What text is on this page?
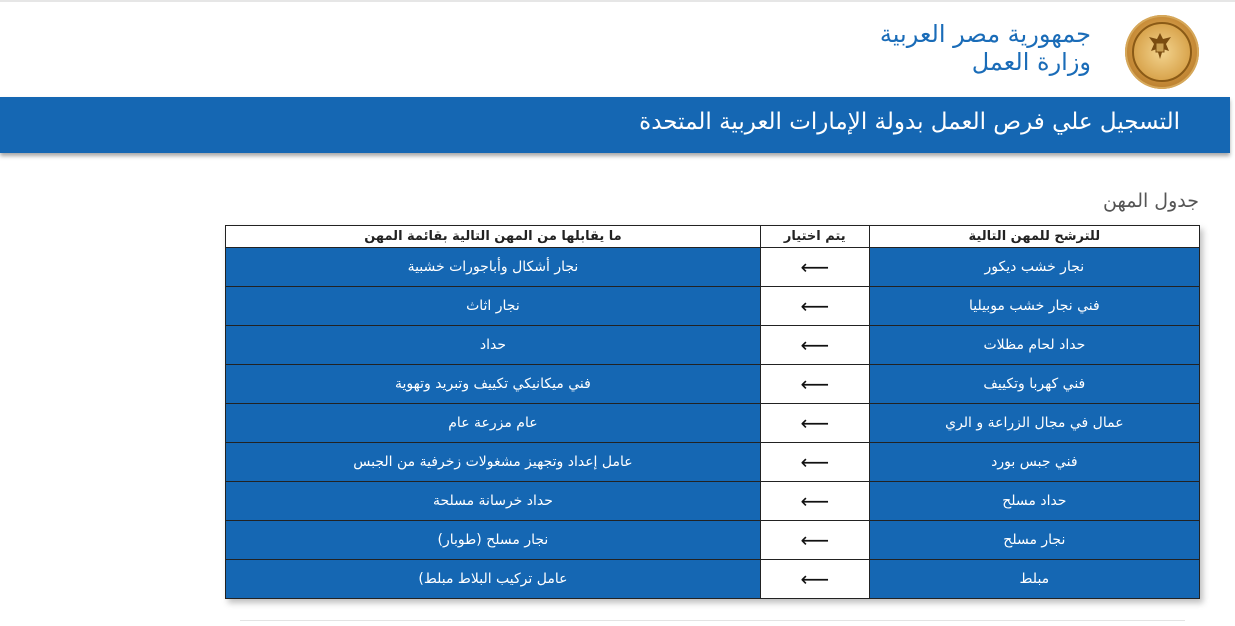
جمهورية مصر العربية
وزارة العمل
التسجيل علي فرص العمل بدولة الإمارات العربية المتحدة
جدول المهن
للترشح للمهن التالية	يتم اختيار	ما يقابلها من المهن التالية بقائمة المهن
نجار خشب ديكور	⟵	نجار أشكال وأباجورات خشبية
فني نجار خشب موبيليا	⟵	نجار اثاث
حداد لحام مظلات	⟵	حداد
فني كهربا وتكييف	⟵	فني ميكانيكي تكييف وتبريد وتهوية
عمال في مجال الزراعة و الري	⟵	عام مزرعة عام
فني جبس بورد	⟵	عامل إعداد وتجهيز مشغولات زخرفية من الجبس
حداد مسلح	⟵	حداد خرسانة مسلحة
نجار مسلح	⟵	نجار مسلح (طوبار)
مبلط	⟵	عامل تركيب البلاط مبلط)
